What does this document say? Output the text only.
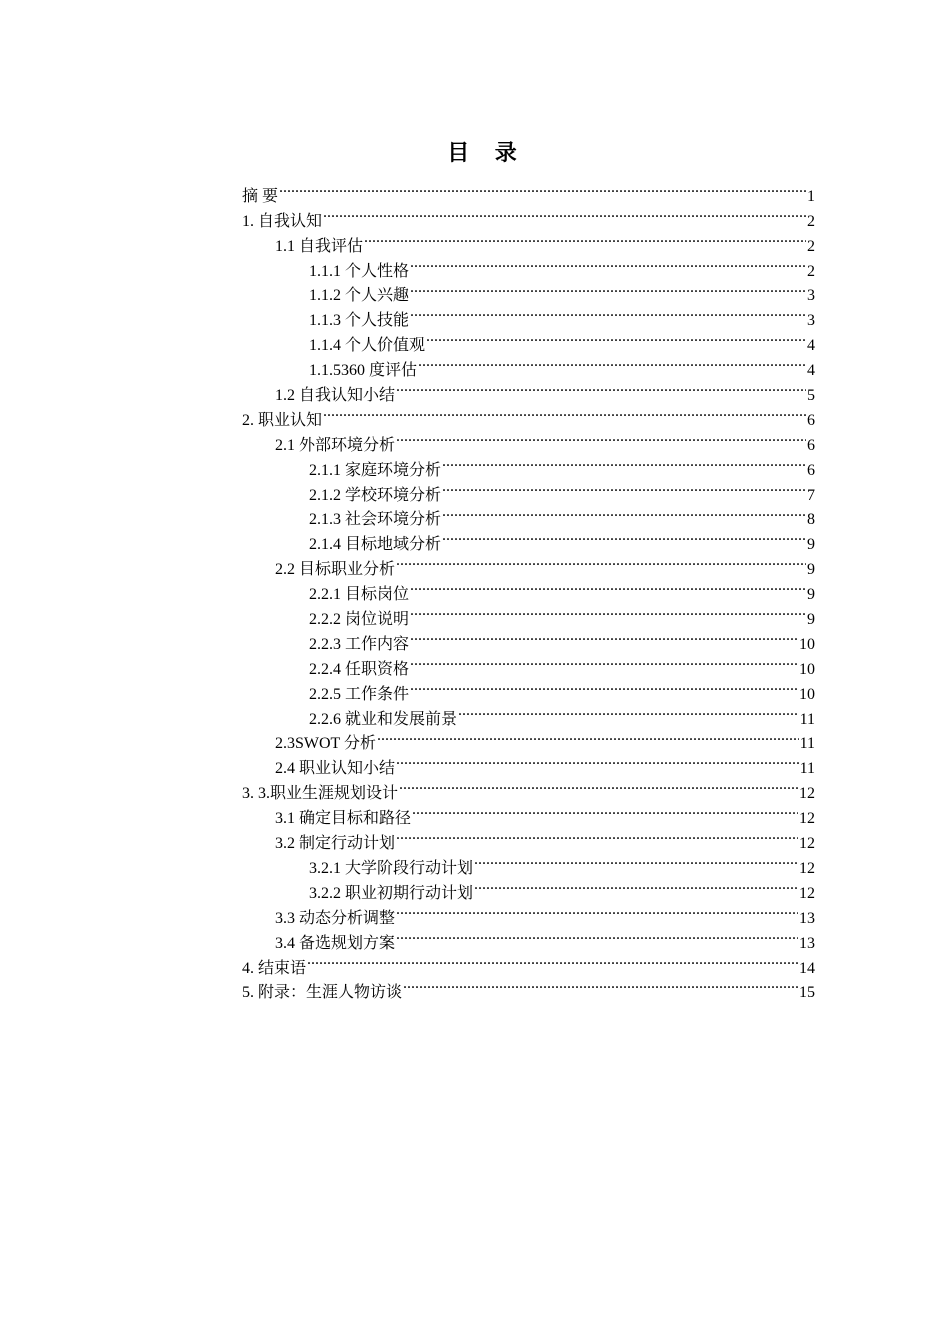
目 录
摘 要 .....	1
1. 自我认知 .....	2
1.1 自我评估 .....	2
1.1.1 个人性格 .....	2
1.1.2 个人兴趣 .....	3
1.1.3 个人技能 .....	3
1.1.4 个人价值观 .....	4
1.1.5360 度评估 .....	4
1.2 自我认知小结 .....	5
2. 职业认知 .....	6
2.1 外部环境分析 .....	6
2.1.1 家庭环境分析 .....	6
2.1.2 学校环境分析 .....	7
2.1.3 社会环境分析 .....	8
2.1.4 目标地域分析 .....	9
2.2 目标职业分析 .....	9
2.2.1 目标岗位 .....	9
2.2.2 岗位说明 .....	9
2.2.3 工作内容 .....	10
2.2.4 任职资格 .....	10
2.2.5 工作条件 .....	10
2.2.6 就业和发展前景 .....	11
2.3SWOT 分析 .....	11
2.4 职业认知小结 .....	11
3. 3.职业生涯规划设计 .....	12
3.1 确定目标和路径 .....	12
3.2 制定行动计划 .....	12
3.2.1 大学阶段行动计划 .....	12
3.2.2 职业初期行动计划 .....	12
3.3 动态分析调整 .....	13
3.4 备选规划方案 .....	13
4. 结束语 .....	14
5. 附录：生涯人物访谈 .....	15
